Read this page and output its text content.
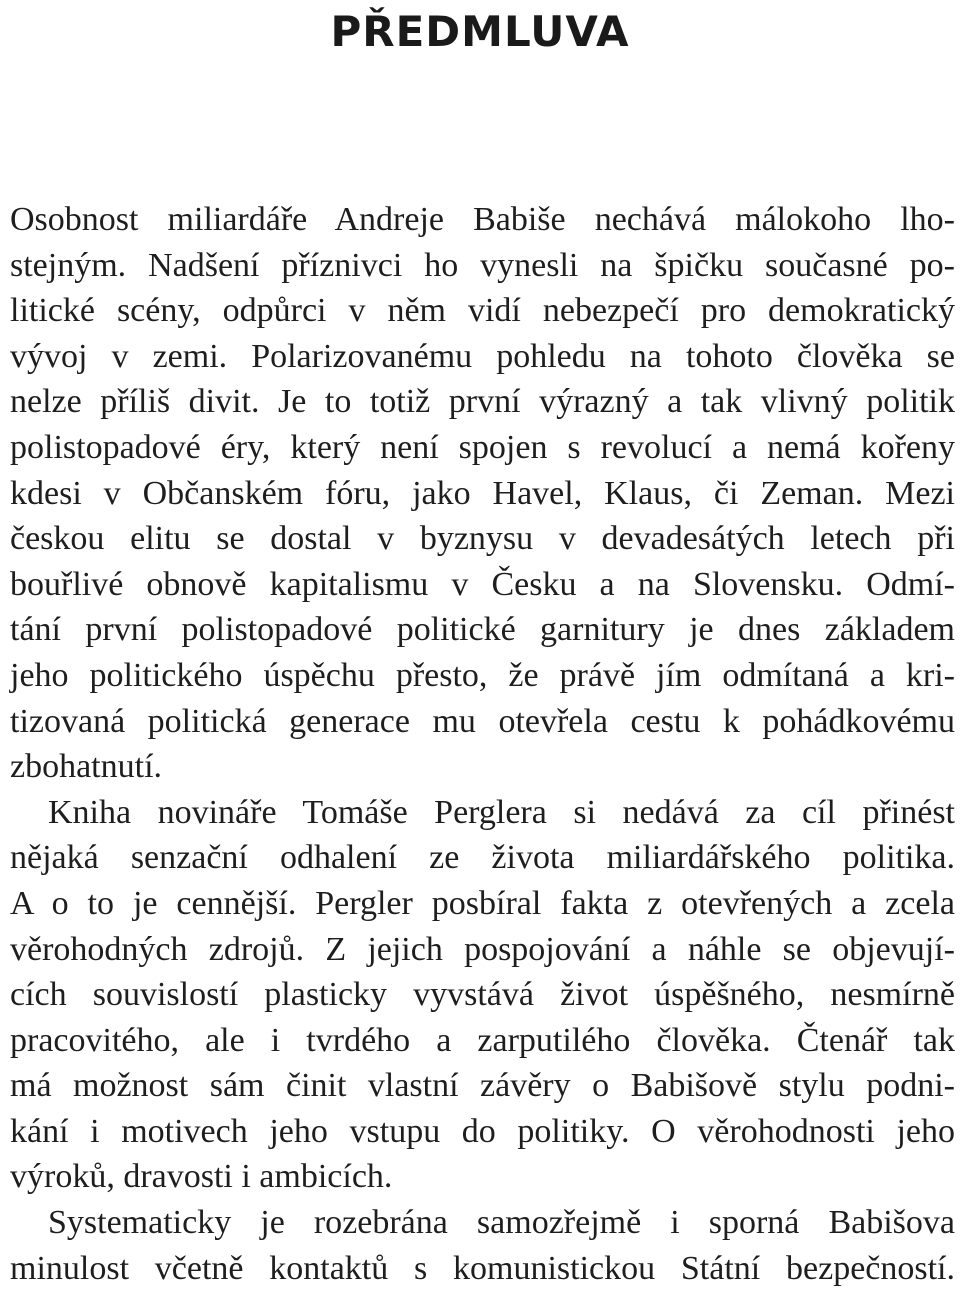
PŘEDMLUVA
Osobnost miliardáře Andreje Babiše nechává málokoho lho-
stejným. Nadšení příznivci ho vynesli na špičku současné po-
litické scény, odpůrci v něm vidí nebezpečí pro demokratický
vývoj v zemi. Polarizovanému pohledu na tohoto člověka se
nelze příliš divit. Je to totiž první výrazný a tak vlivný politik
polistopadové éry, který není spojen s revolucí a nemá kořeny
kdesi v Občanském fóru, jako Havel, Klaus, či Zeman. Mezi
českou elitu se dostal v byznysu v devadesátých letech při
bouřlivé obnově kapitalismu v Česku a na Slovensku. Odmí-
tání první polistopadové politické garnitury je dnes základem
jeho politického úspěchu přesto, že právě jím odmítaná a kri-
tizovaná politická generace mu otevřela cestu k pohádkovému
zbohatnutí.
Kniha novináře Tomáše Perglera si nedává za cíl přinést
nějaká senzační odhalení ze života miliardářského politika.
A o to je cennější. Pergler posbíral fakta z otevřených a zcela
věrohodných zdrojů. Z jejich pospojování a náhle se objevují-
cích souvislostí plasticky vyvstává život úspěšného, nesmírně
pracovitého, ale i tvrdého a zarputilého člověka. Čtenář tak
má možnost sám činit vlastní závěry o Babišově stylu podni-
kání i motivech jeho vstupu do politiky. O věrohodnosti jeho
výroků, dravosti i ambicích.
Systematicky je rozebrána samozřejmě i sporná Babišova
minulost včetně kontaktů s komunistickou Státní bezpečností.
